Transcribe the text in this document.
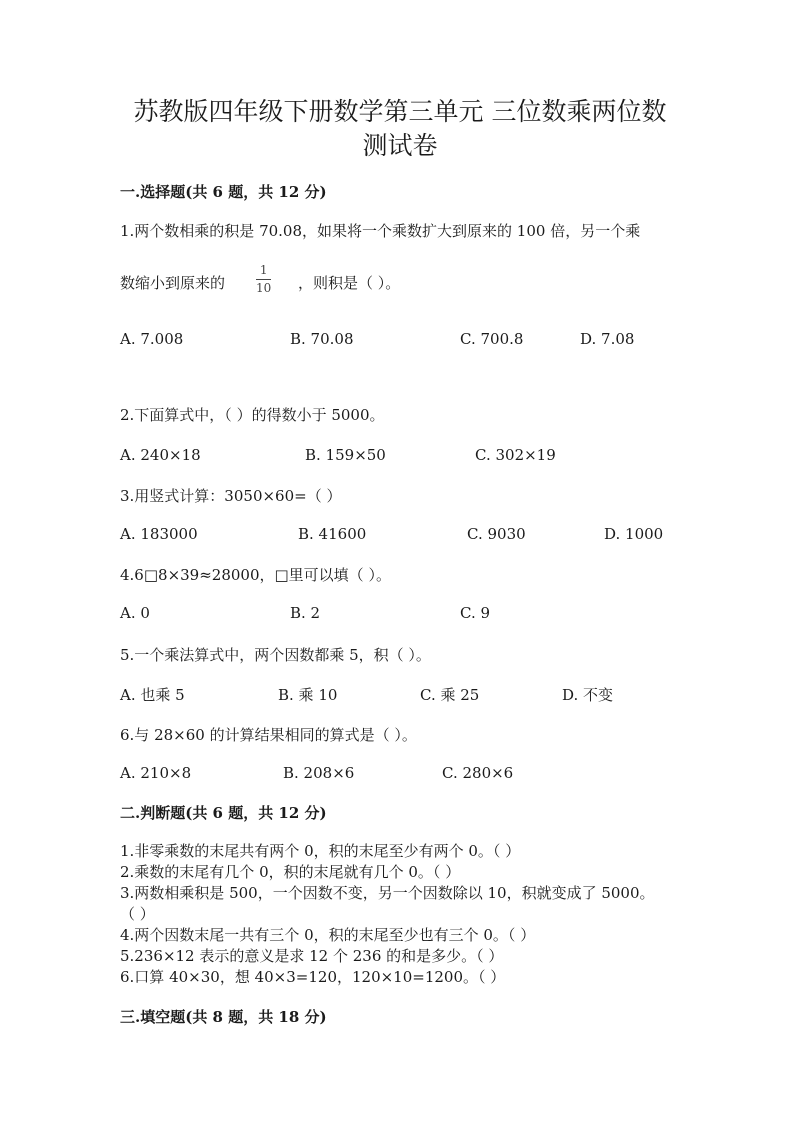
苏教版四年级下册数学第三单元 三位数乘两位数
测试卷
一.选择题(共 6 题，共 12 分)
1.两个数相乘的积是 70.08，如果将一个乘数扩大到原来的 100 倍，另一个乘
数缩小到原来的
1
10 ，则积是（ ）。
A. 7.008	B. 70.08	C. 700.8	D. 7.08
2.下面算式中，（ ）的得数小于 5000。
A. 240×18	B. 159×50	C. 302×19
3.用竖式计算：3050×60=（ ）
A. 183000	B. 41600	C. 9030	D. 1000
4.6□8×39≈28000，□里可以填（ ）。
A. 0	B. 2	C. 9
5.一个乘法算式中，两个因数都乘 5，积（ ）。
A. 也乘 5	B. 乘 10	C. 乘 25	D. 不变
6.与 28×60 的计算结果相同的算式是（ ）。
A. 210×8	B. 208×6	C. 280×6
二.判断题(共 6 题，共 12 分)
1.非零乘数的末尾共有两个 0，积的末尾至少有两个 0。（ ）
2.乘数的末尾有几个 0，积的末尾就有几个 0。（ ）
3.两数相乘积是 500，一个因数不变，另一个因数除以 10，积就变成了 5000。
（ ）
4.两个因数末尾一共有三个 0，积的末尾至少也有三个 0。（ ）
5.236×12 表示的意义是求 12 个 236 的和是多少。（ ）
6.口算 40×30，想 40×3=120，120×10=1200。（ ）
三.填空题(共 8 题，共 18 分)
